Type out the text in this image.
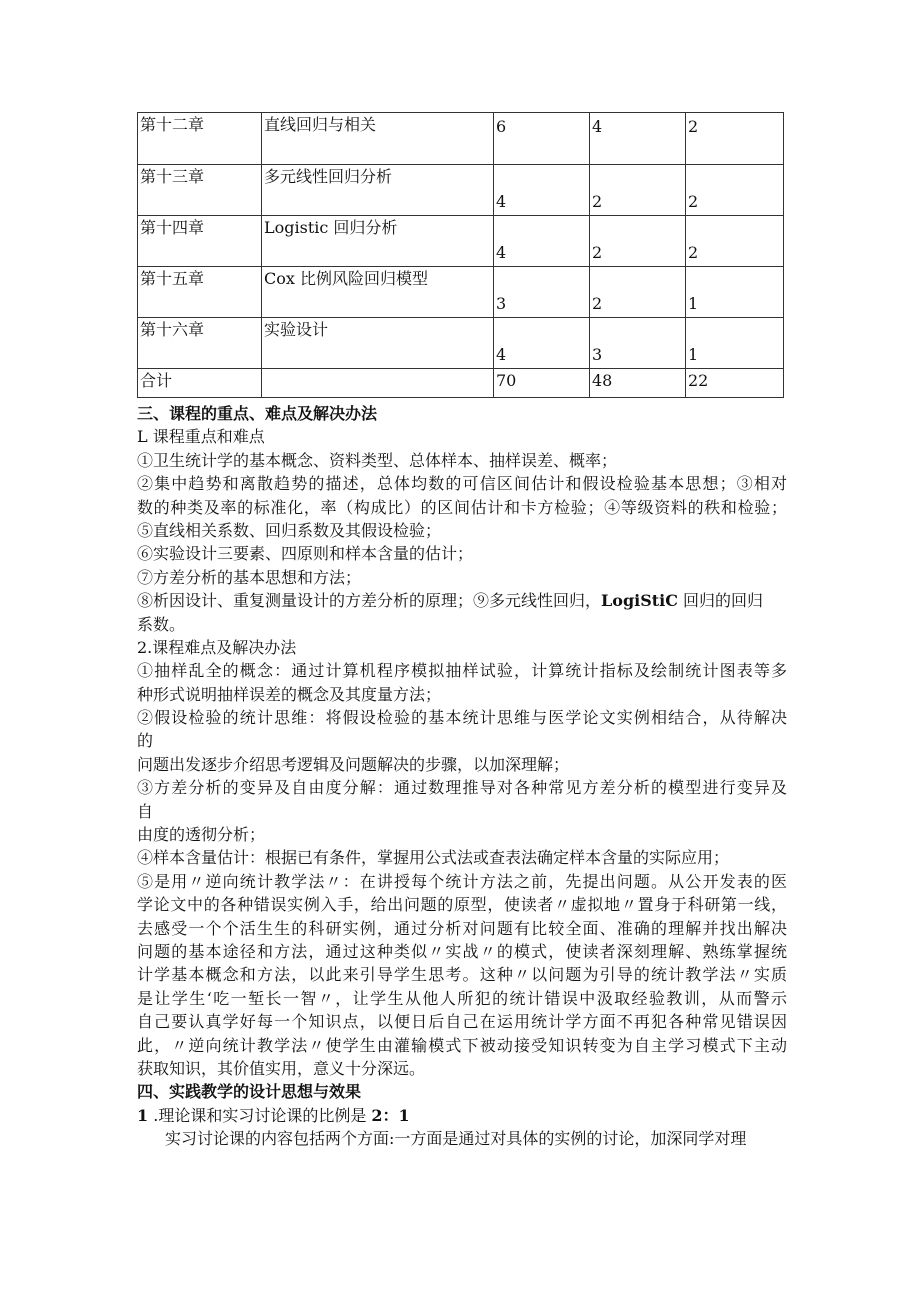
第十二章	直线回归与相关	6	4	2
第十三章	多元线性回归分析	4	2	2
第十四章	Logistic 回归分析	4	2	2
第十五章	Cox 比例风险回归模型	3	2	1
第十六章	实验设计	4	3	1
合计		70	48	22
三、课程的重点、难点及解决办法
L 课程重点和难点
①卫生统计学的基本概念、资料类型、总体样本、抽样误差、概率；
②集中趋势和离散趋势的描述，总体均数的可信区间估计和假设检验基本思想；③相对
数的种类及率的标准化，率（构成比）的区间估计和卡方检验；④等级资料的秩和检验；
⑤直线相关系数、回归系数及其假设检验；
⑥实验设计三要素、四原则和样本含量的估计；
⑦方差分析的基本思想和方法；
⑧析因设计、重复测量设计的方差分析的原理；⑨多元线性回归，LogiStiC 回归的回归
系数。
2.课程难点及解决办法
①抽样乱全的概念：通过计算机程序模拟抽样试验，计算统计指标及绘制统计图表等多
种形式说明抽样误差的概念及其度量方法；
②假设检验的统计思维：将假设检验的基本统计思维与医学论文实例相结合，从待解决
的
问题出发逐步介绍思考逻辑及问题解决的步骤，以加深理解；
③方差分析的变异及自由度分解：通过数理推导对各种常见方差分析的模型进行变异及
自
由度的透彻分析；
④样本含量估计：根据已有条件，掌握用公式法或查表法确定样本含量的实际应用；
⑤是用〃逆向统计教学法〃：在讲授每个统计方法之前，先提出问题。从公开发表的医
学论文中的各种错误实例入手，给出问题的原型，使读者〃虚拟地〃置身于科研第一线，
去感受一个个活生生的科研实例，通过分析对问题有比较全面、准确的理解并找出解决
问题的基本途径和方法，通过这种类似〃实战〃的模式，使读者深刻理解、熟练掌握统
计学基本概念和方法，以此来引导学生思考。这种〃以问题为引导的统计教学法〃实质
是让学生‘吃一堑长一智〃，让学生从他人所犯的统计错误中汲取经验教训，从而警示
自己要认真学好每一个知识点，以便日后自己在运用统计学方面不再犯各种常见错误因
此，〃逆向统计教学法〃使学生由灌输模式下被动接受知识转变为自主学习模式下主动
获取知识，其价值实用，意义十分深远。
四、实践教学的设计思想与效果
1 .理论课和实习讨论课的比例是 2：1
实习讨论课的内容包括两个方面:一方面是通过对具体的实例的讨论，加深同学对理
